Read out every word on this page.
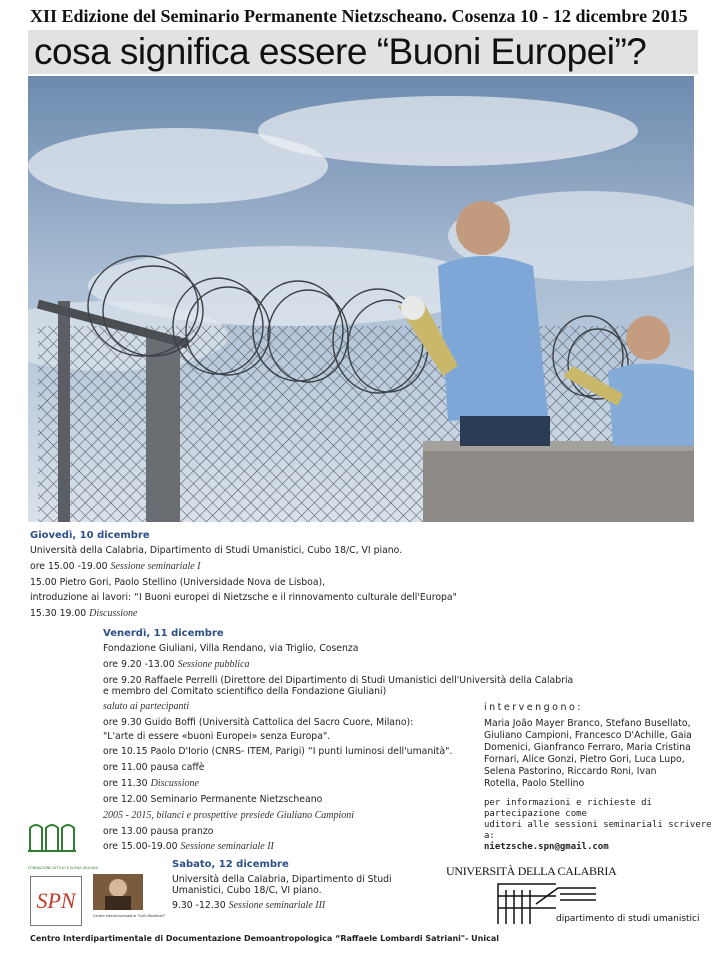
XII Edizione del Seminario Permanente Nietzscheano. Cosenza 10 - 12 dicembre 2015
cosa significa essere “Buoni Europei”?
Giovedì, 10 dicembre
Università della Calabria, Dipartimento di Studi Umanistici, Cubo 18/C, VI piano.
ore 15.00 -19.00 Sessione seminariale I
15.00 Pietro Gori, Paolo Stellino (Universidade Nova de Lisboa),
introduzione ai lavori: “I Buoni europei di Nietzsche e il rinnovamento culturale dell'Europa"
15.30 19.00 Discussione
Venerdì, 11 dicembre
Fondazione Giuliani, Villa Rendano, via Triglio, Cosenza
ore 9.20 -13.00 Sessione pubblica
ore 9.20 Raffaele Perrelli (Direttore del Dipartimento di Studi Umanistici dell'Università della Calabria
e membro del Comitato scientifico della Fondazione Giuliani)
saluto ai partecipanti
ore 9.30 Guido Boffi (Università Cattolica del Sacro Cuore, Milano):
"L'arte di essere «buoni Europei» senza Europa".
ore 10.15 Paolo D'Iorio (CNRS- ITEM, Parigi) “I punti luminosi dell'umanità".
ore 11.00 pausa caffè
ore 11.30 Discussione
ore 12.00 Seminario Permanente Nietzscheano
2005 - 2015, bilanci e prospettive presiede Giuliano Campioni
ore 13.00 pausa pranzo
ore 15.00-19.00 Sessione seminariale II
Sabato, 12 dicembre
Università della Calabria, Dipartimento di Studi
Umanistici, Cubo 18/C, VI piano.
9.30 -12.30 Sessione seminariale III
intervengono:
Maria João Mayer Branco, Stefano Busellato,
Giuliano Campioni, Francesco D'Achille, Gaia
Domenici, Gianfranco Ferraro, Maria Cristina
Fornari, Alice Gonzi, Pietro Gori, Luca Lupo,
Selena Pastorino, Riccardo Roni, Ivan
Rotella, Paolo Stellino
per informazioni e richieste di partecipazione come
uditori alle sessioni seminariali scrivere a:
nietzsche.spn@gmail.com
FONDAZIONE ATTILIO E ELENA GIULIANI
SPN
Centro Interuniversitario "Colli-Montinari"
UNIVERSITÀ DELLA CALABRIA
dipartimento di studi umanistici
Centro Interdipartimentale di Documentazione Demoantropologica “Raffaele Lombardi Satriani"- Unical
